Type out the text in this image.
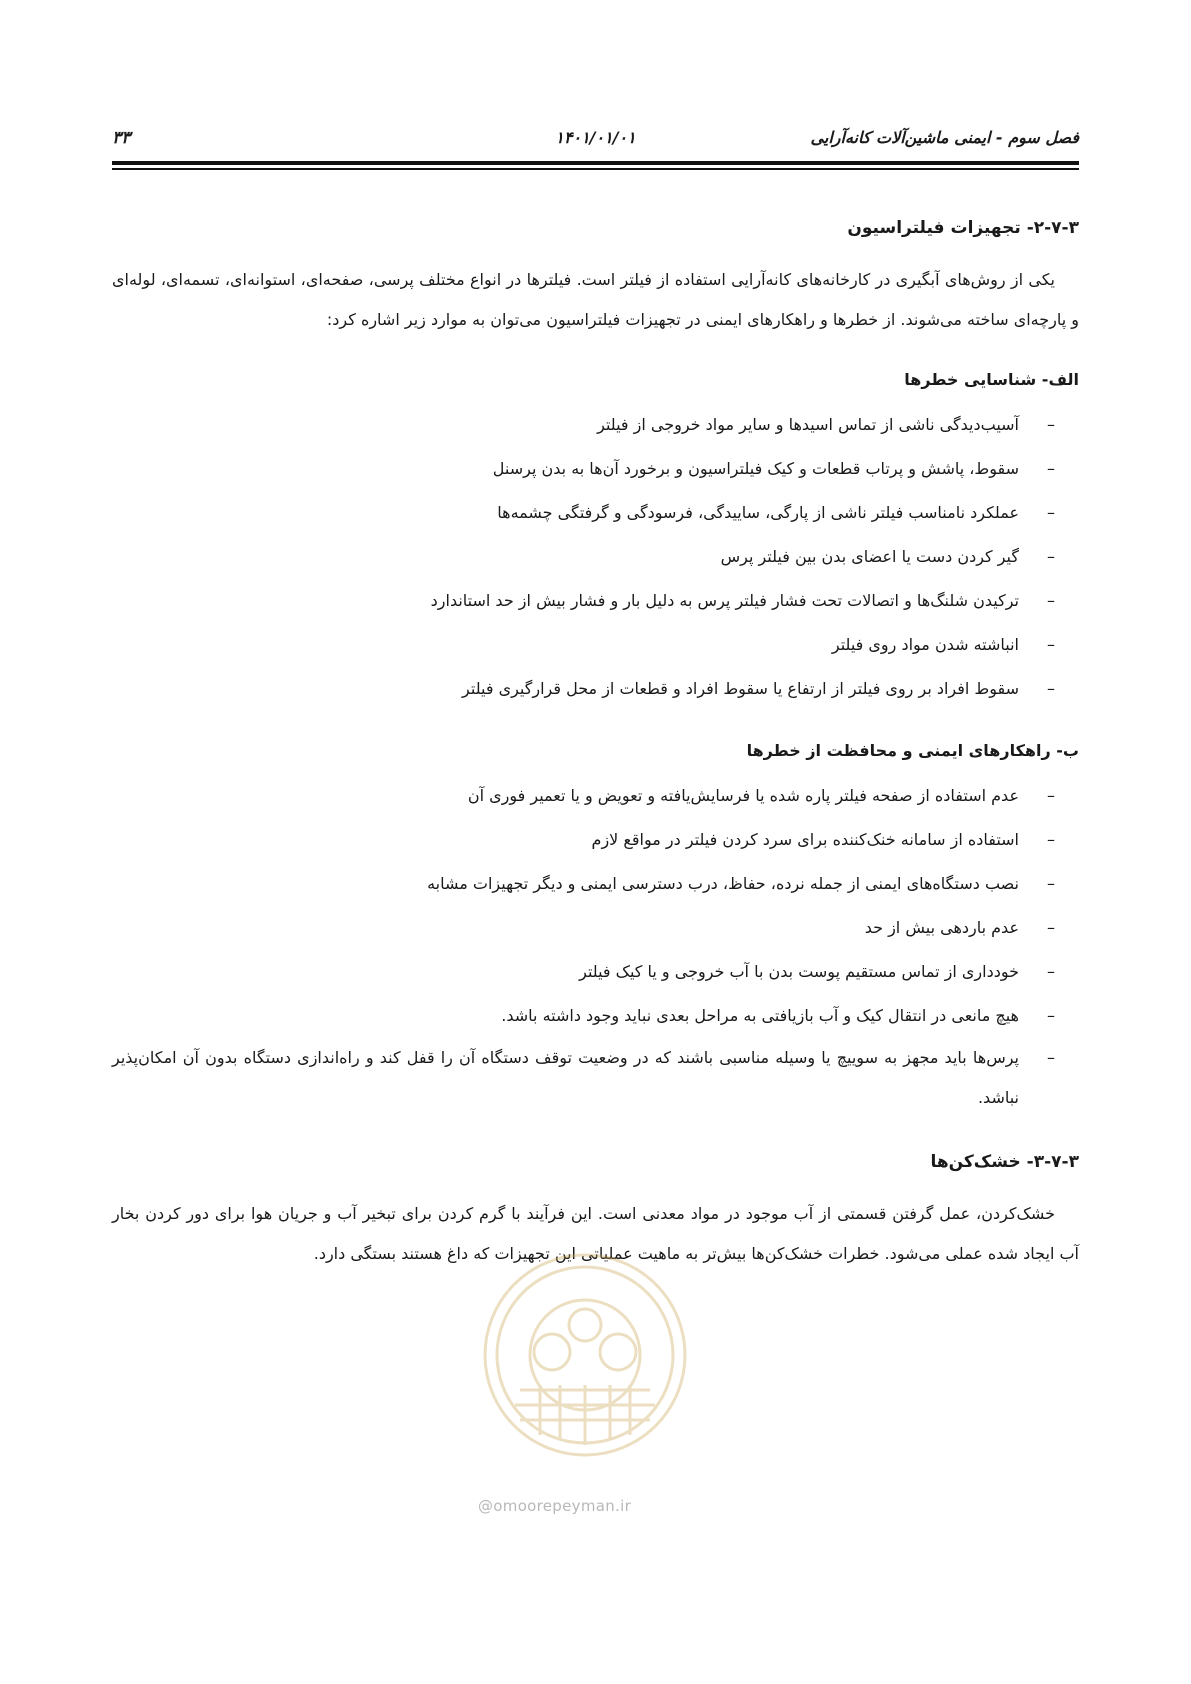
فصل سوم - ایمنی ماشین‌آلات کانه‌آرایی
۱۴۰۱/۰۱/۰۱
۳۳
۲-۷-۳- تجهیزات فیلتراسیون

یکی از روش‌های آبگیری در کارخانه‌های کانه‌آرایی استفاده از فیلتر است. فیلترها در انواع مختلف پرسی، صفحه‌ای، استوانه‌ای، تسمه‌ای، لوله‌ای و پارچه‌ای ساخته می‌شوند. از خطرها و راهکارهای ایمنی در تجهیزات فیلتراسیون می‌توان به موارد زیر اشاره کرد:

الف- شناسایی خطرها
–
آسیب‌دیدگی ناشی از تماس اسیدها و سایر مواد خروجی از فیلتر
–
سقوط، پاشش و پرتاب قطعات و کیک فیلتراسیون و برخورد آن‌ها به بدن پرسنل
–
عملکرد نامناسب فیلتر ناشی از پارگی، ساییدگی، فرسودگی و گرفتگی چشمه‌ها
–
گیر کردن دست یا اعضای بدن بین فیلتر پرس
–
ترکیدن شلنگ‌ها و اتصالات تحت فشار فیلتر پرس به دلیل بار و فشار بیش از حد استاندارد
–
انباشته شدن مواد روی فیلتر
–
سقوط افراد بر روی فیلتر از ارتفاع یا سقوط افراد و قطعات از محل قرارگیری فیلتر
ب- راهکارهای ایمنی و محافظت از خطرها
–
عدم استفاده از صفحه فیلتر پاره شده یا فرسایش‌یافته و تعویض و یا تعمیر فوری آن
–
استفاده از سامانه خنک‌کننده برای سرد کردن فیلتر در مواقع لازم
–
نصب دستگاه‌های ایمنی از جمله نرده، حفاظ، درب دسترسی ایمنی و دیگر تجهیزات مشابه
–
عدم باردهی بیش از حد
–
خودداری از تماس مستقیم پوست بدن با آب خروجی و یا کیک فیلتر
–
هیچ مانعی در انتقال کیک و آب بازیافتی به مراحل بعدی نباید وجود داشته باشد.
–
پرس‌ها باید مجهز به سوییچ یا وسیله مناسبی باشند که در وضعیت توقف دستگاه آن را قفل کند و راه‌اندازی دستگاه بدون آن امکان‌پذیر نباشد.
۳-۷-۳- خشک‌کن‌ها

خشک‌کردن، عمل گرفتن قسمتی از آب موجود در مواد معدنی است. این فرآیند با گرم کردن برای تبخیر آب و جریان هوا برای دور کردن بخار آب ایجاد شده عملی می‌شود. خطرات خشک‌کن‌ها بیش‌تر به ماهیت عملیاتی این تجهیزات که داغ هستند بستگی دارد.

@omoorepeyman.ir
